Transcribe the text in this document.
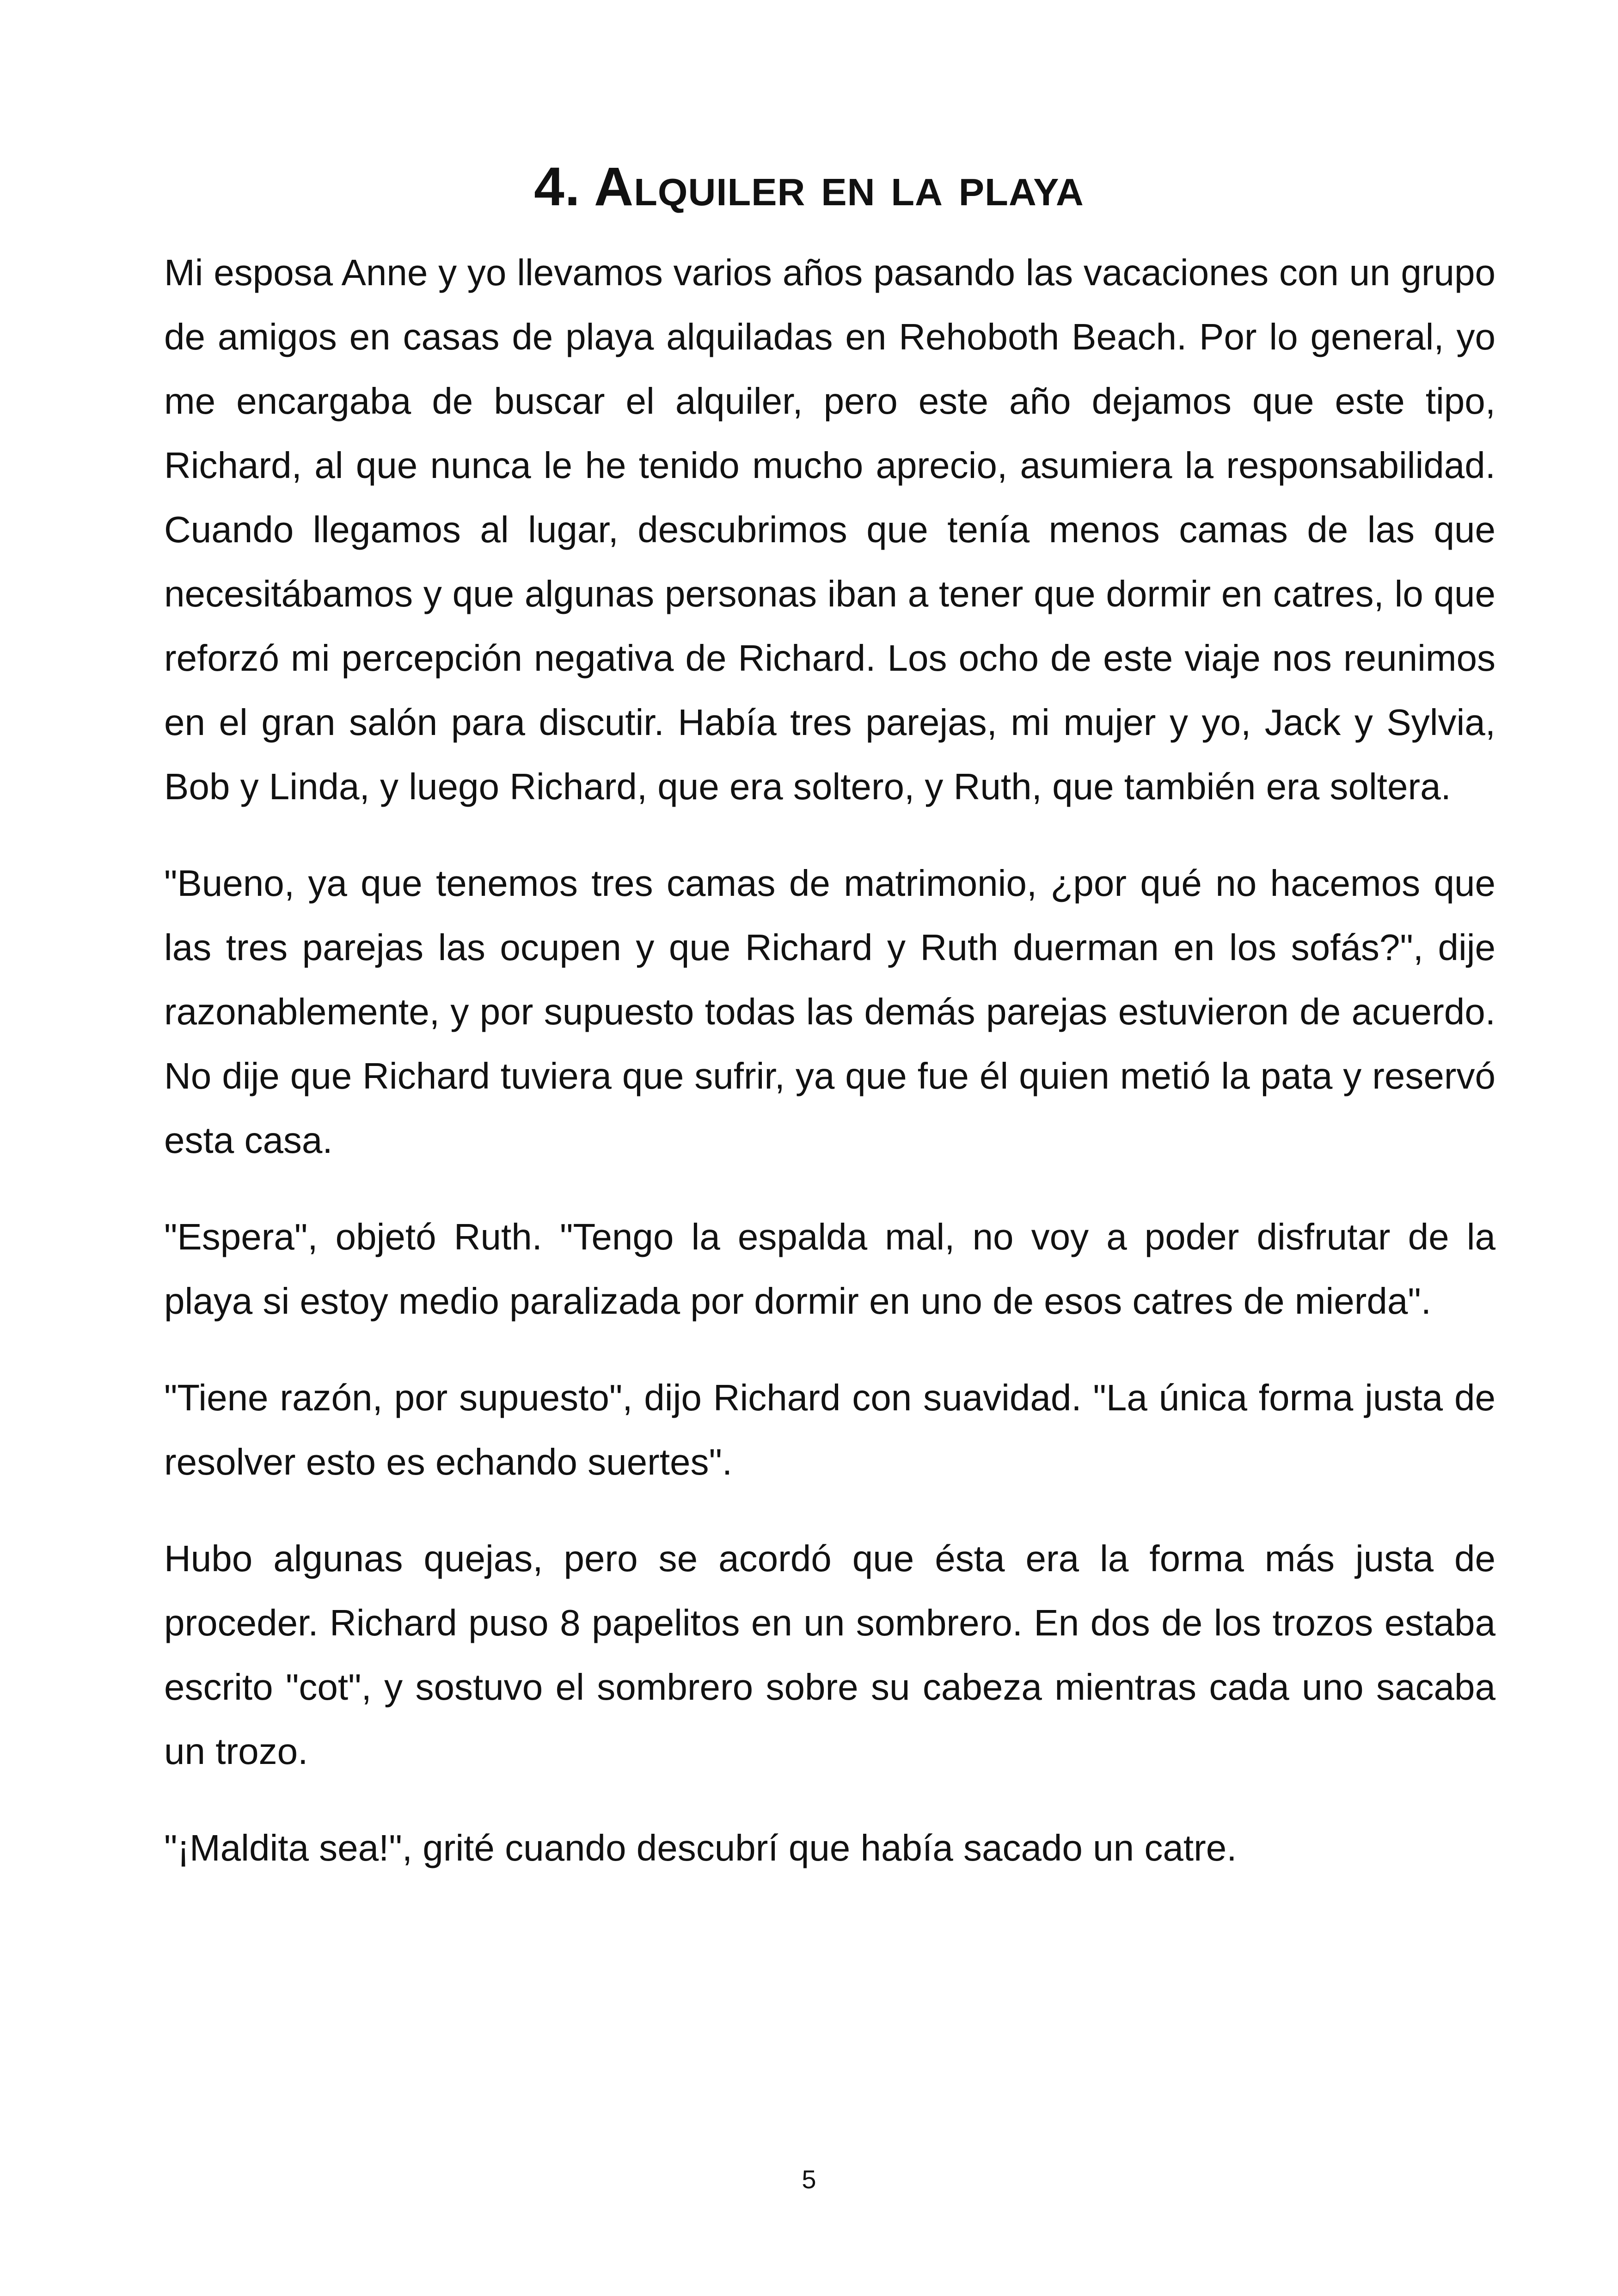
4. Alquiler en la playa

Mi esposa Anne y yo llevamos varios años pasando las vacaciones con un grupo de amigos en casas de playa alquiladas en Rehoboth Beach. Por lo general, yo me encargaba de buscar el alquiler, pero este año dejamos que este tipo, Richard, al que nunca le he tenido mucho aprecio, asumiera la responsabilidad. Cuando llegamos al lugar, descubrimos que tenía menos camas de las que necesitábamos y que algunas personas iban a tener que dormir en catres, lo que reforzó mi percepción negativa de Richard. Los ocho de este viaje nos reunimos en el gran salón para discutir. Había tres parejas, mi mujer y yo, Jack y Sylvia, Bob y Linda, y luego Richard, que era soltero, y Ruth, que también era soltera.

"Bueno, ya que tenemos tres camas de matrimonio, ¿por qué no hacemos que las tres parejas las ocupen y que Richard y Ruth duerman en los sofás?", dije razonablemente, y por supuesto todas las demás parejas estuvieron de acuerdo. No dije que Richard tuviera que sufrir, ya que fue él quien metió la pata y reservó esta casa.

"Espera", objetó Ruth. "Tengo la espalda mal, no voy a poder disfrutar de la playa si estoy medio paralizada por dormir en uno de esos catres de mierda".

"Tiene razón, por supuesto", dijo Richard con suavidad. "La única forma justa de resolver esto es echando suertes".

Hubo algunas quejas, pero se acordó que ésta era la forma más justa de proceder. Richard puso 8 papelitos en un sombrero. En dos de los trozos estaba escrito "cot", y sostuvo el sombrero sobre su cabeza mientras cada uno sacaba un trozo.

"¡Maldita sea!", grité cuando descubrí que había sacado un catre.

5
